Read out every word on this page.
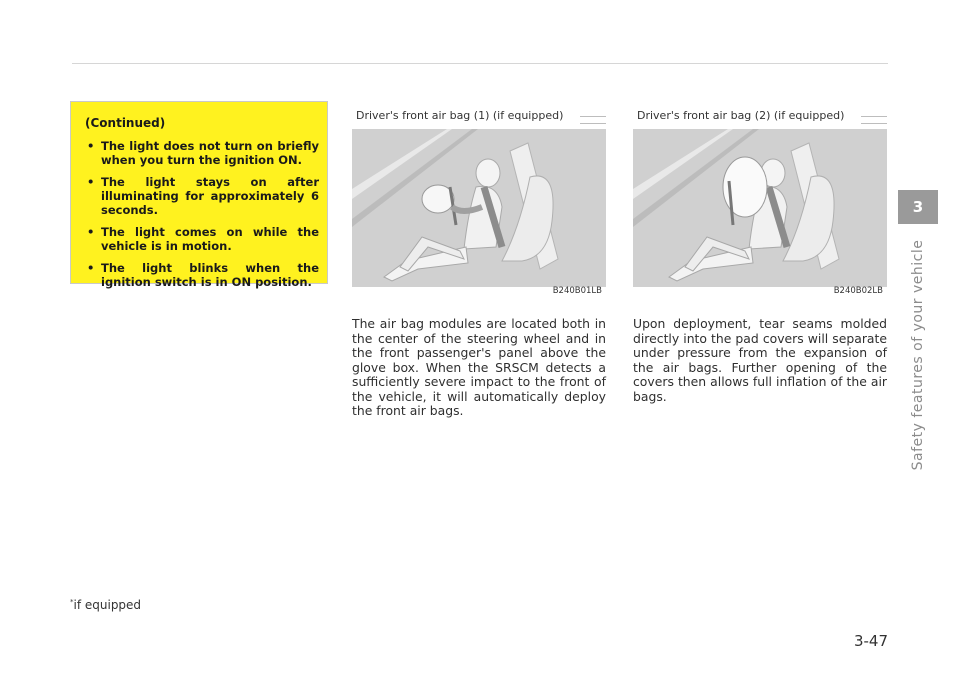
(Continued)

• The light does not turn on briefly when you turn the ignition ON.
• The light stays on after illuminating for approximately 6 seconds.
• The light comes on while the vehicle is in motion.
• The light blinks when the ignition switch is in ON position.
Driver's front air bag (1) (if equipped)
B240B01LB
Driver's front air bag (2) (if equipped)
B240B02LB

The air bag modules are located both in the center of the steering wheel and in the front passenger's panel above the glove box. When the SRSCM detects a sufficiently severe impact to the front of the vehicle, it will automatically deploy the front air bags.

Upon deployment, tear seams molded directly into the pad covers will separate under pressure from the expansion of the air bags. Further opening of the covers then allows full inflation of the air bags.

3
Safety features of your vehicle
*if equipped
3-47
